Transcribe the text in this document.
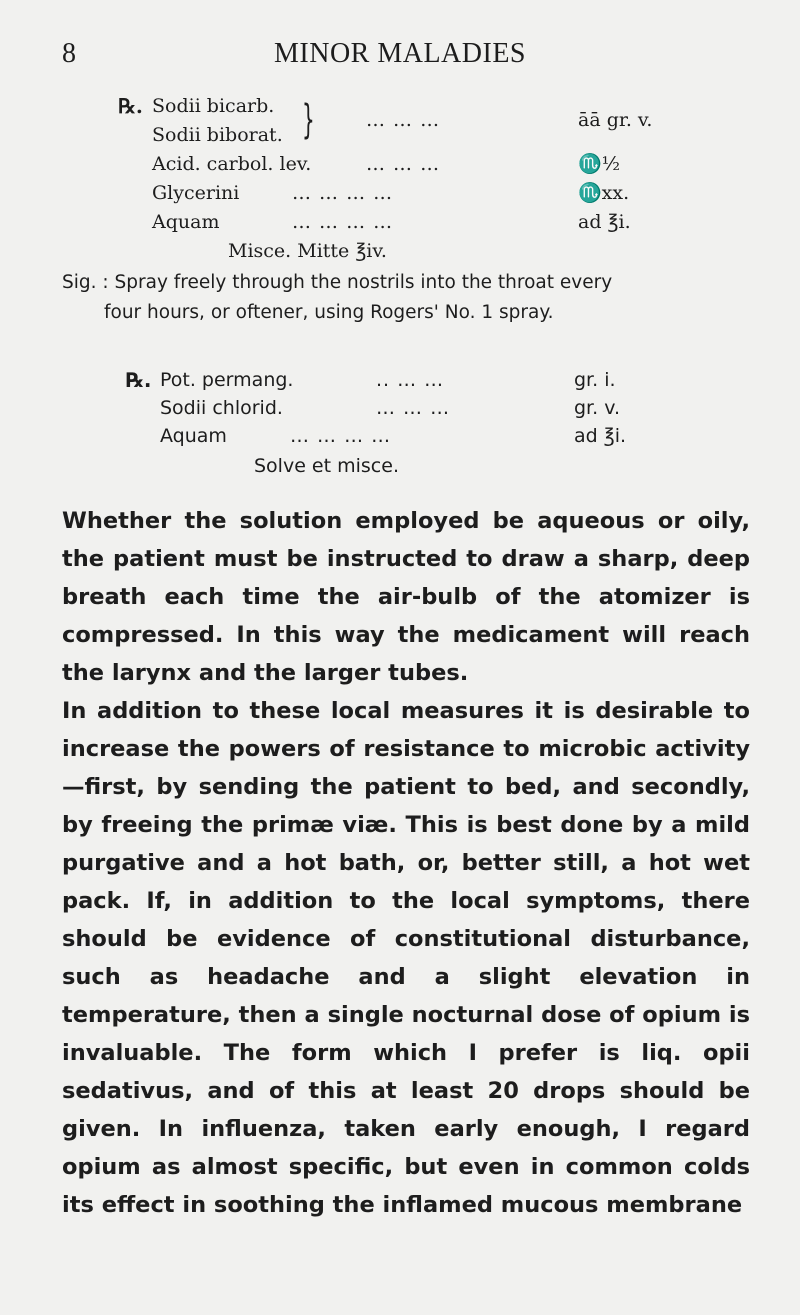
8	MINOR MALADIES
℞. Sodii bicarb. }
Sodii biborat.
… … …	āā gr. v.
Acid. carbol. lev.	… … …	♏½
Glycerini	… … … …	♏xx.
Aquam	… … … …	ad ℥i.
Misce. Mitte ℥iv.
Sig. : Spray freely through the nostrils into the throat every
four hours, or oftener, using Rogers' No. 1 spray.
℞. Pot. permang.	.. … …	gr. i.
Sodii chlorid.	… … …	gr. v.
Aquam	… … … …	ad ℥i.
Solve et misce.

Whether the solution employed be aqueous or oily, the patient must be instructed to draw a sharp, deep breath each time the air-bulb of the atomizer is compressed. In this way the medicament will reach the larynx and the larger tubes.

In addition to these local measures it is desirable to increase the powers of resistance to microbic activity—first, by sending the patient to bed, and secondly, by freeing the primæ viæ. This is best done by a mild purgative and a hot bath, or, better still, a hot wet pack. If, in addition to the local symptoms, there should be evidence of constitutional disturbance, such as headache and a slight elevation in temperature, then a single nocturnal dose of opium is invaluable. The form which I prefer is liq. opii sedativus, and of this at least 20 drops should be given. In influenza, taken early enough, I regard opium as almost specific, but even in common colds its effect in soothing the inflamed mucous membrane
